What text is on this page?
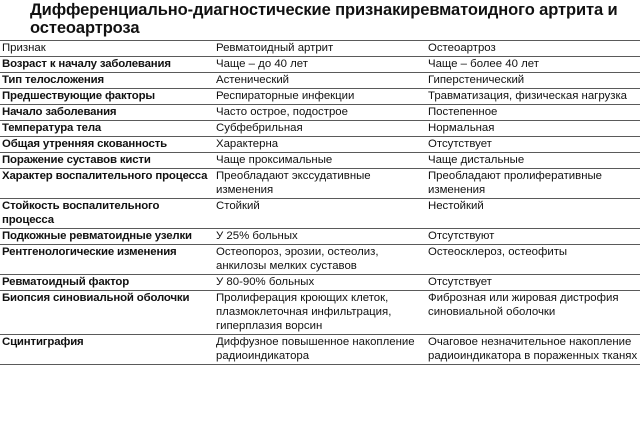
Дифференциально-диагностические признакиревматоидного артрита и остеоартроза
Признак	Ревматоидный артрит	Остеоартроз
Возраст к началу заболевания	Чаще – до 40 лет	Чаще – более 40 лет
Тип телосложения	Астенический	Гиперстенический
Предшествующие факторы	Респираторные инфекции	Травматизация, физическая нагрузка
Начало заболевания	Часто острое, подострое	Постепенное
Температура тела	Субфебрильная	Нормальная
Общая утренняя скованность	Характерна	Отсутствует
Поражение суставов кисти	Чаще проксимальные	Чаще дистальные
Характер воспалительного процесса	Преобладают экссудативные изменения	Преобладают пролиферативные изменения
Стойкость воспалительного процесса	Стойкий	Нестойкий
Подкожные ревматоидные узелки	У 25% больных	Отсутствуют
Рентгенологические изменения	Остеопороз, эрозии, остеолиз, анкилозы мелких суставов	Остеосклероз, остеофиты
Ревматоидный фактор	У 80-90% больных	Отсутствует
Биопсия синовиальной оболочки	Пролиферация кроющих клеток, плазмоклеточная инфильтрация, гиперплазия ворсин	Фиброзная или жировая дистрофия синовиальной оболочки
Сцинтиграфия	Диффузное повышенное накопление радиоиндикатора	Очаговое незначительное накопление радиоиндикатора в пораженных тканях
